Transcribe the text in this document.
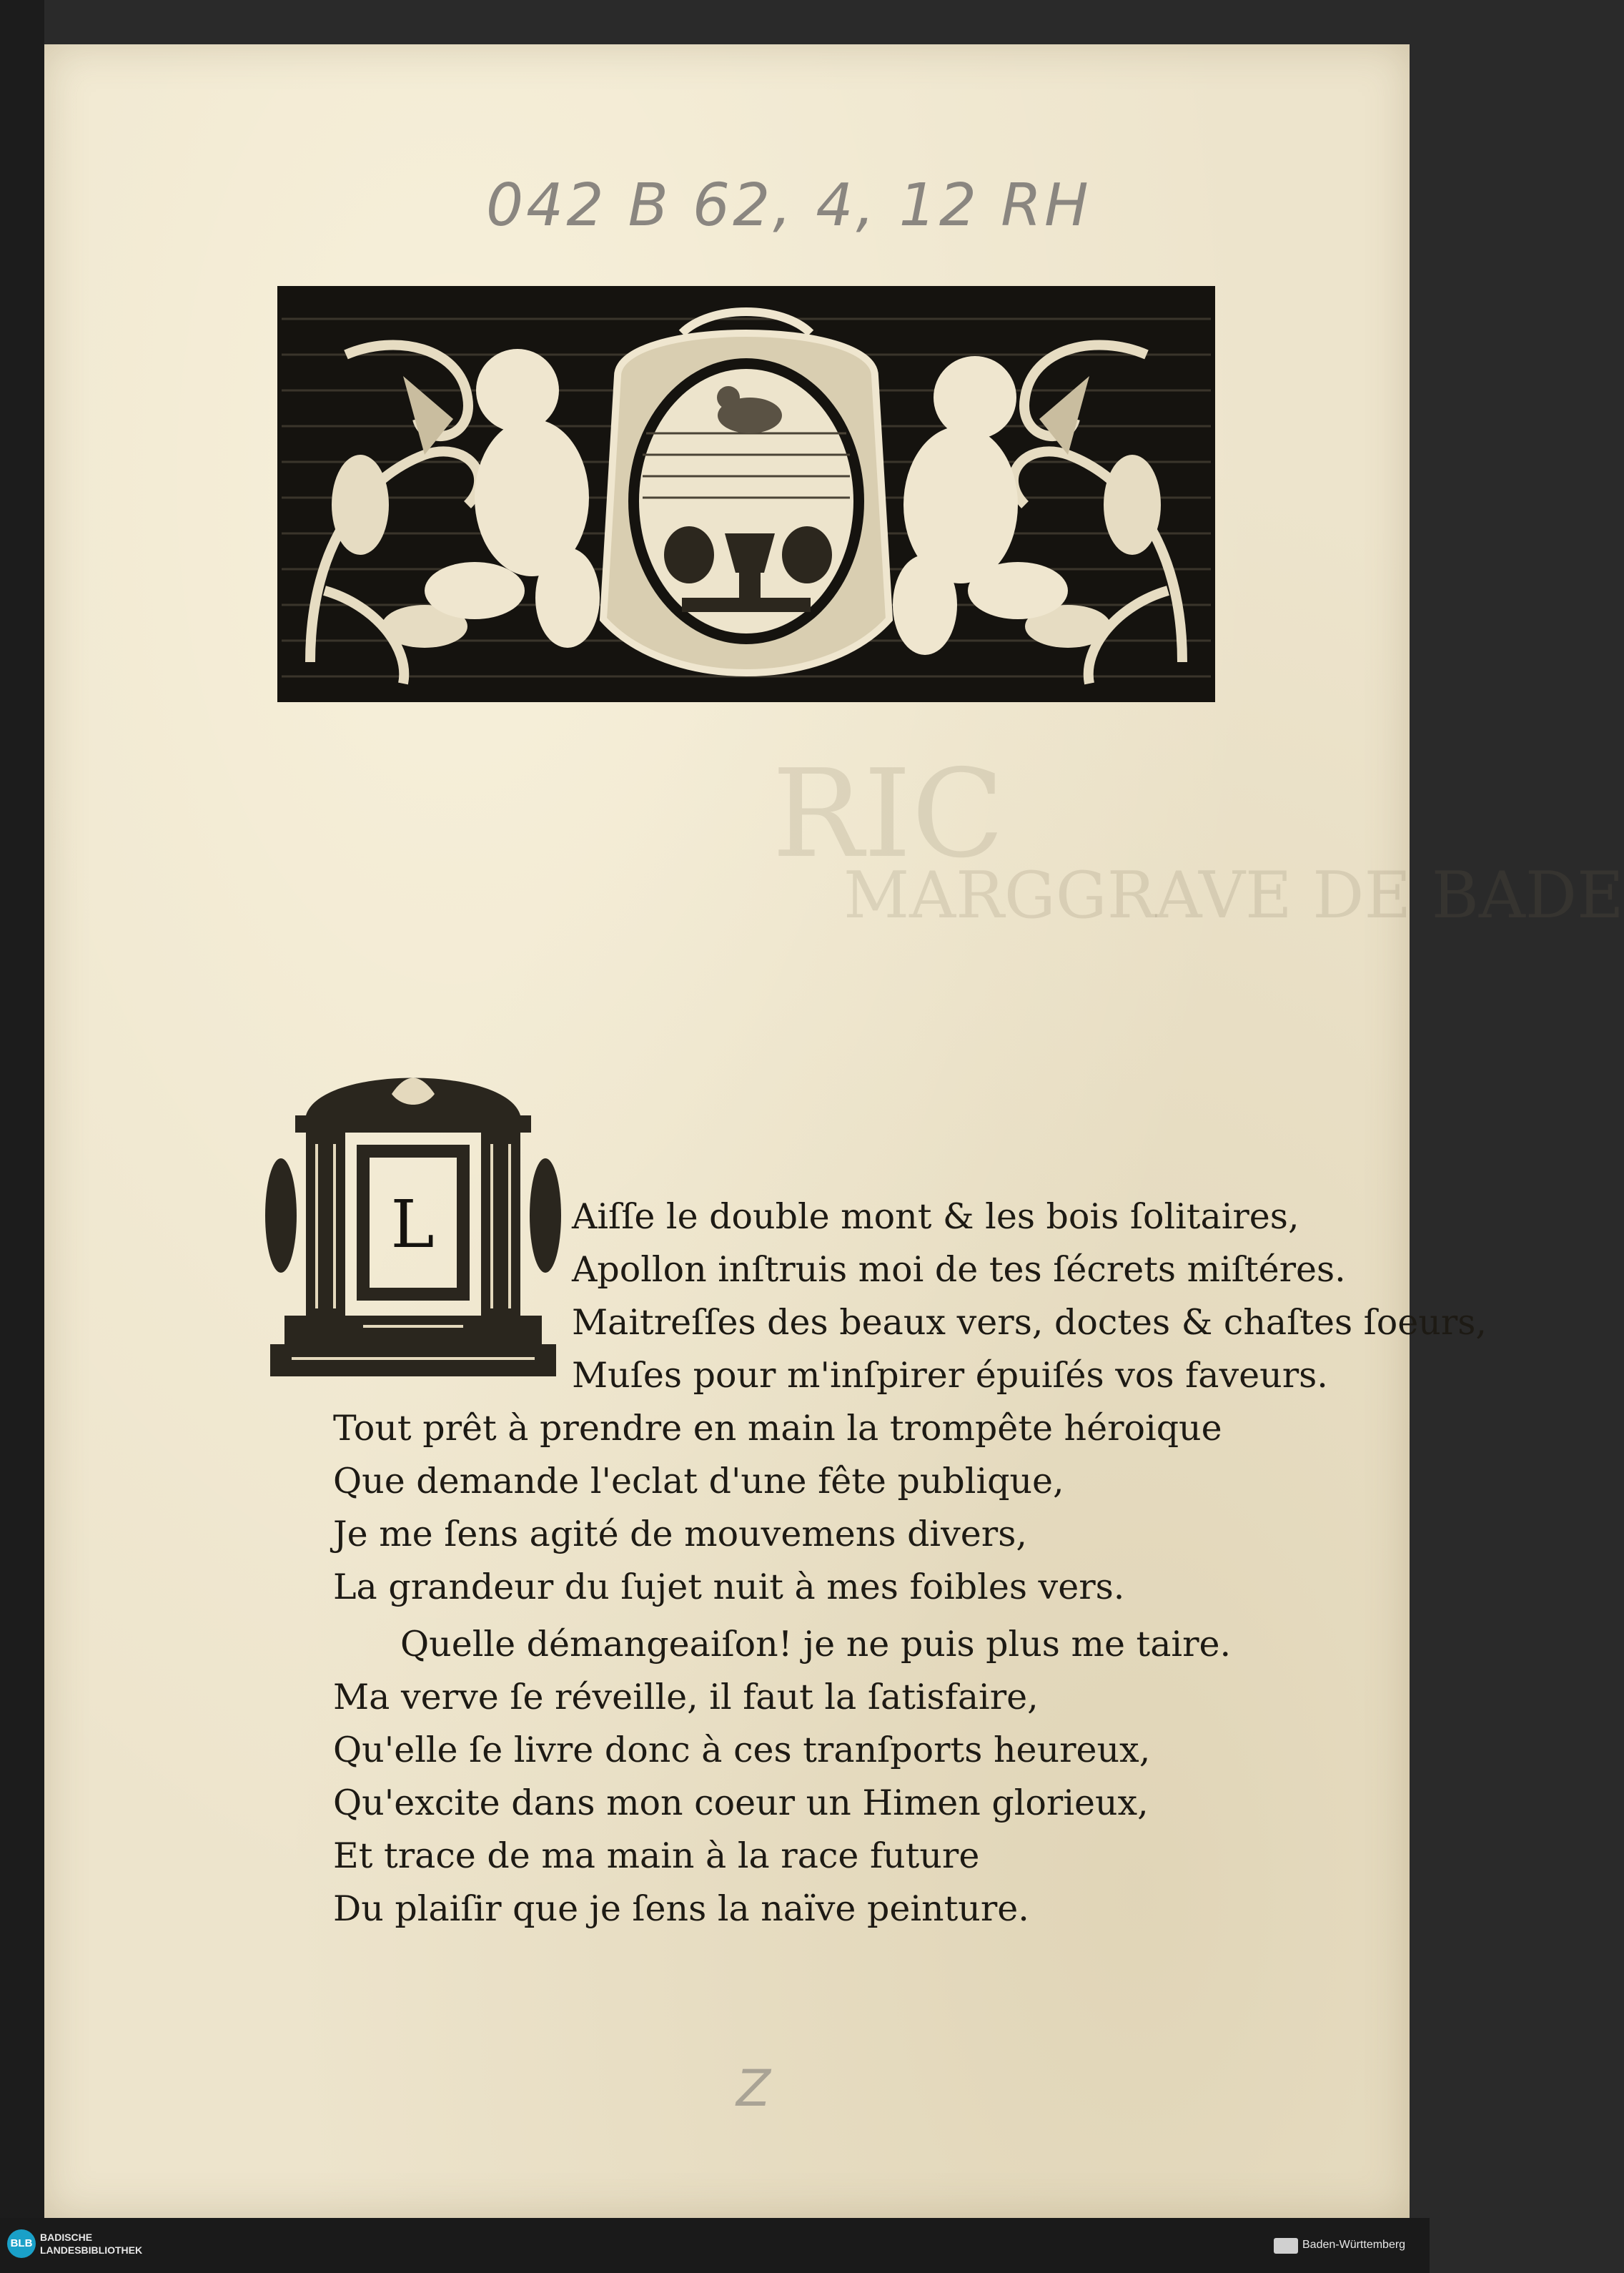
RIC
MARGGRAVE DE BADE
042 B 62, 4, 12 RH
L	Aiſſe le double mont & les bois ſolitaires,
Apollon inſtruis moi de tes ſécrets miſtéres.
Maitreſſes des beaux vers, doctes & chaſtes ſoeurs,
Muſes pour m'inſpirer épuiſés vos faveurs.
Tout prêt à prendre en main la trompête héroique
Que demande l'eclat d'une fête publique,
Je me ſens agité de mouvemens divers,
La grandeur du ſujet nuit à mes foibles vers.
Quelle démangeaiſon! je ne puis plus me taire.
Ma verve ſe réveille, il faut la ſatisfaire,
Qu'elle ſe livre donc à ces tranſports heureux,
Qu'excite dans mon coeur un Himen glorieux,
Et trace de ma main à la race future
Du plaiſir que je ſens la naïve peinture.
Z
BLB BADISCHE
LANDESBIBLIOTHEK	Baden-Württemberg
